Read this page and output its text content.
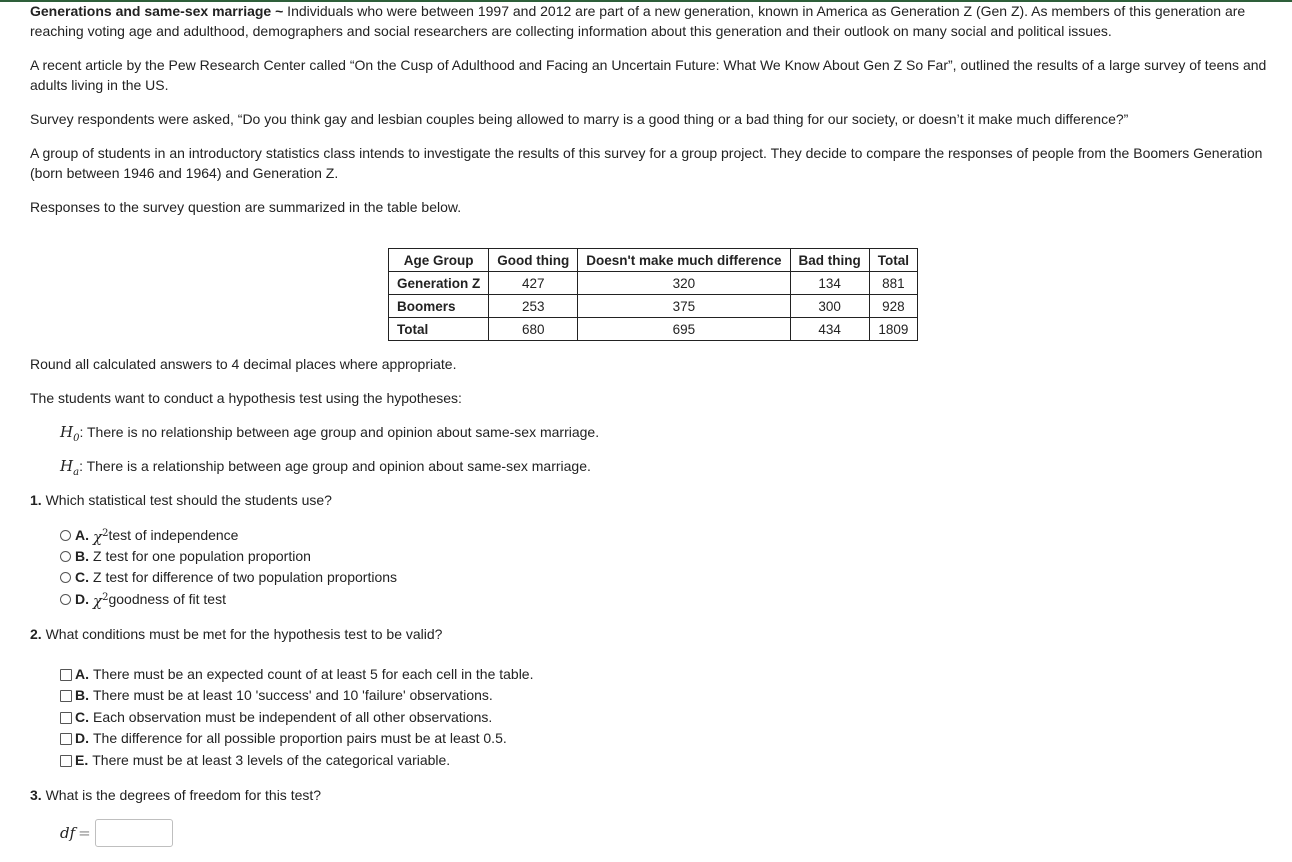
Generations and same-sex marriage ~ Individuals who were between 1997 and 2012 are part of a new generation, known in America as Generation Z (Gen Z). As members of this generation are reaching voting age and adulthood, demographers and social researchers are collecting information about this generation and their outlook on many social and political issues.

A recent article by the Pew Research Center called “On the Cusp of Adulthood and Facing an Uncertain Future: What We Know About Gen Z So Far”, outlined the results of a large survey of teens and adults living in the US.

Survey respondents were asked, “Do you think gay and lesbian couples being allowed to marry is a good thing or a bad thing for our society, or doesn’t it make much difference?”

A group of students in an introductory statistics class intends to investigate the results of this survey for a group project. They decide to compare the responses of people from the Boomers Generation (born between 1946 and 1964) and Generation Z.

Responses to the survey question are summarized in the table below.

Age Group	Good thing	Doesn't make much difference	Bad thing	Total
Generation Z	427	320	134	881
Boomers	253	375	300	928
Total	680	695	434	1809

Round all calculated answers to 4 decimal places where appropriate.

The students want to conduct a hypothesis test using the hypotheses:

$H_0$: There is no relationship between age group and opinion about same-sex marriage.

$H_a$: There is a relationship between age group and opinion about same-sex marriage.

1. Which statistical test should the students use?

A. $\chi^2$ test of independence
B. Z test for one population proportion
C. Z test for difference of two population proportions
D. $\chi^2$ goodness of fit test

2. What conditions must be met for the hypothesis test to be valid?

A. There must be an expected count of at least 5 for each cell in the table.
B. There must be at least 10 'success' and 10 'failure' observations.
C. Each observation must be independent of all other observations.
D. The difference for all possible proportion pairs must be at least 0.5.
E. There must be at least 3 levels of the categorical variable.

3. What is the degrees of freedom for this test?

df =
